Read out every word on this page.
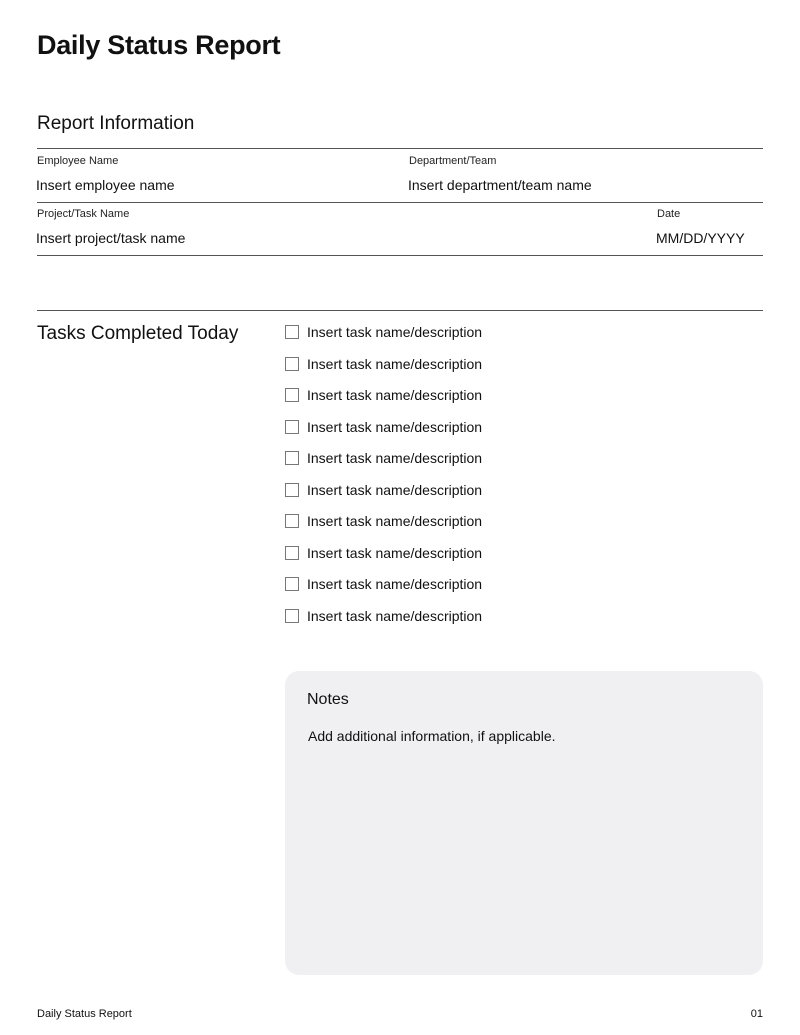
Daily Status Report
Report Information
Employee Name
Insert employee name
Department/Team
Insert department/team name
Project/Task Name
Insert project/task name
Date
MM/DD/YYYY
Tasks Completed Today	Insert task name/description
Insert task name/description
Insert task name/description
Insert task name/description
Insert task name/description
Insert task name/description
Insert task name/description
Insert task name/description
Insert task name/description
Insert task name/description
Notes
Add additional information, if applicable.
Daily Status Report	01
